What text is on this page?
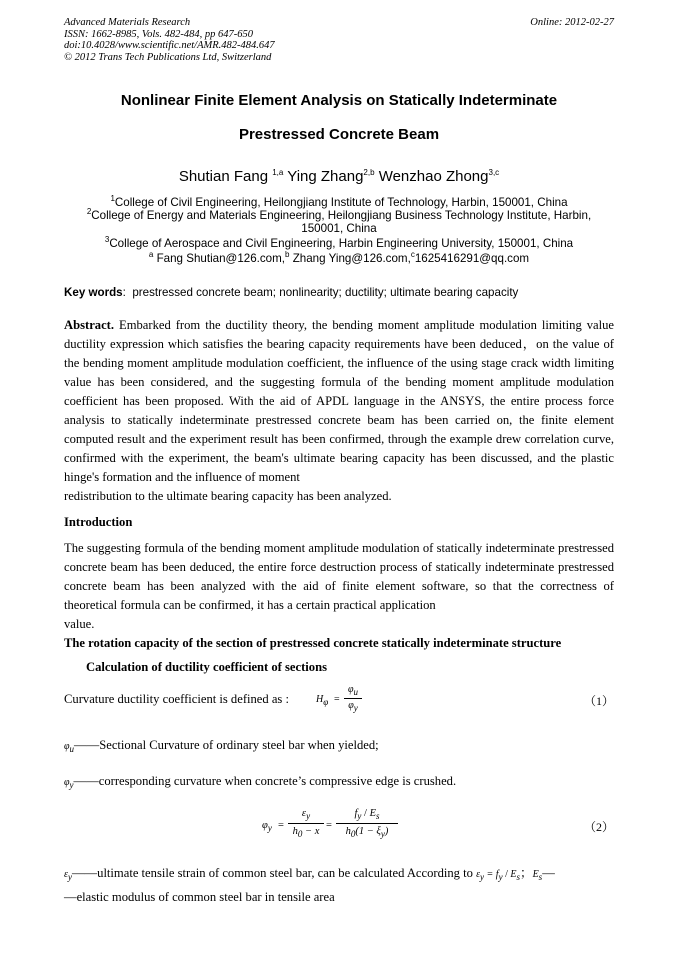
Advanced Materials Research
ISSN: 1662-8985, Vols. 482-484, pp 647-650
doi:10.4028/www.scientific.net/AMR.482-484.647
© 2012 Trans Tech Publications Ltd, Switzerland
Online: 2012-02-27
Nonlinear Finite Element Analysis on Statically Indeterminate
Prestressed Concrete Beam
Shutian Fang $^{1,a}$ Ying Zhang$^{2,b}$ Wenzhao Zhong$^{3,c}$
$^1$College of Civil Engineering, Heilongjiang Institute of Technology, Harbin, 150001, China
$^2$College of Energy and Materials Engineering, Heilongjiang Business Technology Institute, Harbin,
150001, China
$^3$College of Aerospace and Civil Engineering, Harbin Engineering University, 150001, China
$^a$ Fang Shutian@126.com,$^b$ Zhang Ying@126.com,$^c$1625416291@qq.com
Key words: prestressed concrete beam; nonlinearity; ductility; ultimate bearing capacity
Abstract. Embarked from the ductility theory, the bending moment amplitude modulation limiting value ductility expression which satisfies the bearing capacity requirements have been deduced，on the value of the bending moment amplitude modulation coefficient, the influence of the using stage crack width limiting value has been considered, and the suggesting formula of the bending moment amplitude modulation coefficient has been proposed. With the aid of APDL language in the ANSYS, the entire process force analysis to statically indeterminate prestressed concrete beam has been carried on, the finite element computed result and the experiment result has been confirmed, through the example drew correlation curve, confirmed with the experiment, the beam's ultimate bearing capacity has been discussed, and the plastic hinge's formation and the influence of moment
redistribution to the ultimate bearing capacity has been analyzed.
Introduction
The suggesting formula of the bending moment amplitude modulation of statically indeterminate prestressed concrete beam has been deduced, the entire force destruction process of statically indeterminate prestressed concrete beam has been analyzed with the aid of finite element software, so that the correctness of theoretical formula can be confirmed, it has a certain practical application
value.
The rotation capacity of the section of prestressed concrete statically indeterminate structure
Calculation of ductility coefficient of sections
Curvature ductility coefficient is defined as :	$H_\varphi$ =
$\varphi_u$
$\varphi_y$	（1）
$\varphi_u——Sectional$ Curvature of ordinary steel bar when yielded;
$\varphi_y——corresponding$ curvature when concrete’s compressive edge is crushed.
$\varphi_y$ =
$\varepsilon_y$
$h_0 - x$
=
$f_y / E_s$
$h_0(1 - \xi_y)$	（2）
$\varepsilon_y——ultimate$ tensile strain of common steel bar, can be calculated According to $\varepsilon_y = f_y / E_s$；$E_s—$
—elastic modulus of common steel bar in tensile area
